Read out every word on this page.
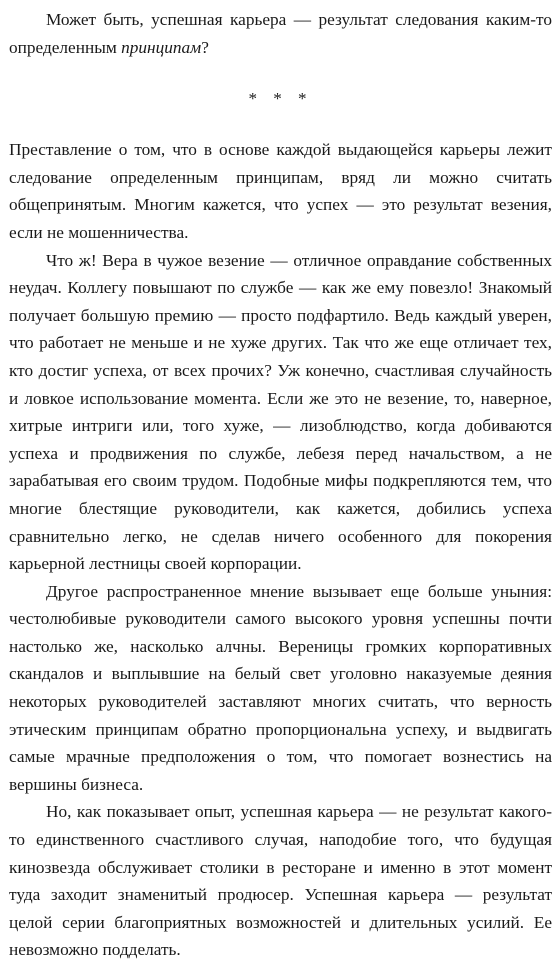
Может быть, успешная карьера — результат следования каким-то определенным принципам?

* * *

Преставление о том, что в основе каждой выдающейся карьеры лежит следование определенным принципам, вряд ли можно считать общепринятым. Многим кажется, что успех — это результат везения, если не мошенничества.

Что ж! Вера в чужое везение — отличное оправдание собственных неудач. Коллегу повышают по службе — как же ему повезло! Знакомый получает большую премию — просто подфартило. Ведь каждый уверен, что работает не меньше и не хуже других. Так что же еще отличает тех, кто достиг успеха, от всех прочих? Уж конечно, счастливая случайность и ловкое использование момента. Если же это не везение, то, наверное, хитрые интриги или, того хуже, — лизоблюдство, когда добиваются успеха и продвижения по службе, лебезя перед начальством, а не зарабатывая его своим трудом. Подобные мифы подкрепляются тем, что многие блестящие руководители, как кажется, добились успеха сравнительно легко, не сделав ничего особенного для покорения карьерной лестницы своей корпорации.

Другое распространенное мнение вызывает еще больше уныния: честолюбивые руководители самого высокого уровня успешны почти настолько же, насколько алчны. Вереницы громких корпоративных скандалов и выплывшие на белый свет уголовно наказуемые деяния некоторых руководителей заставляют многих считать, что верность этическим принципам обратно пропорциональна успеху, и выдвигать самые мрачные предположения о том, что помогает вознестись на вершины бизнеса.

Но, как показывает опыт, успешная карьера — не результат какого-то единственного счастливого случая, наподобие того, что будущая кинозвезда обслуживает столики в ресторане и именно в этот момент туда заходит знаменитый продюсер. Успешная карьера — результат целой серии благоприятных возможностей и длительных усилий. Ее невозможно подделать.
